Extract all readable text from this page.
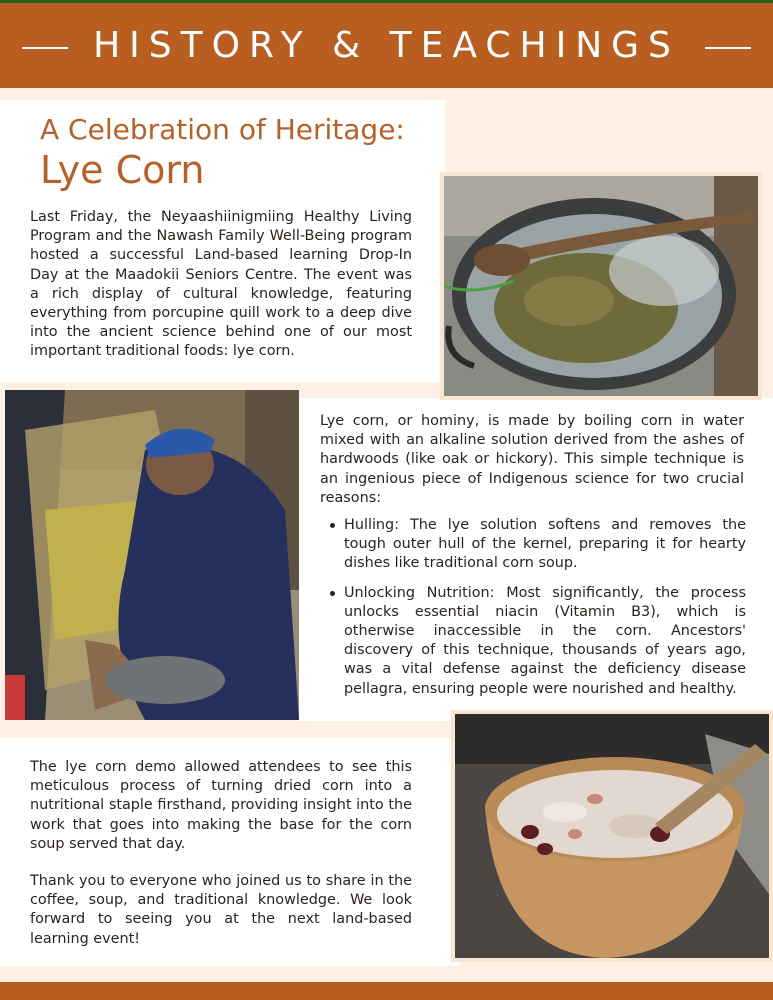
HISTORY & TEACHINGS
A Celebration of Heritage:
Lye Corn

Last Friday, the Neyaashiinigmiing Healthy Living Program and the Nawash Family Well-Being program hosted a successful Land-based learning Drop-In Day at the Maadokii Seniors Centre. The event was a rich display of cultural knowledge, featuring everything from porcupine quill work to a deep dive into the ancient science behind one of our most important traditional foods: lye corn.

Lye corn, or hominy, is made by boiling corn in water mixed with an alkaline solution derived from the ashes of hardwoods (like oak or hickory). This simple technique is an ingenious piece of Indigenous science for two crucial reasons:

Hulling: The lye solution softens and removes the tough outer hull of the kernel, preparing it for hearty dishes like traditional corn soup.
Unlocking Nutrition: Most significantly, the process unlocks essential niacin (Vitamin B3), which is otherwise inaccessible in the corn. Ancestors' discovery of this technique, thousands of years ago, was a vital defense against the deficiency disease pellagra, ensuring people were nourished and healthy.

The lye corn demo allowed attendees to see this meticulous process of turning dried corn into a nutritional staple firsthand, providing insight into the work that goes into making the base for the corn soup served that day.

Thank you to everyone who joined us to share in the coffee, soup, and traditional knowledge. We look forward to seeing you at the next land-based learning event!
